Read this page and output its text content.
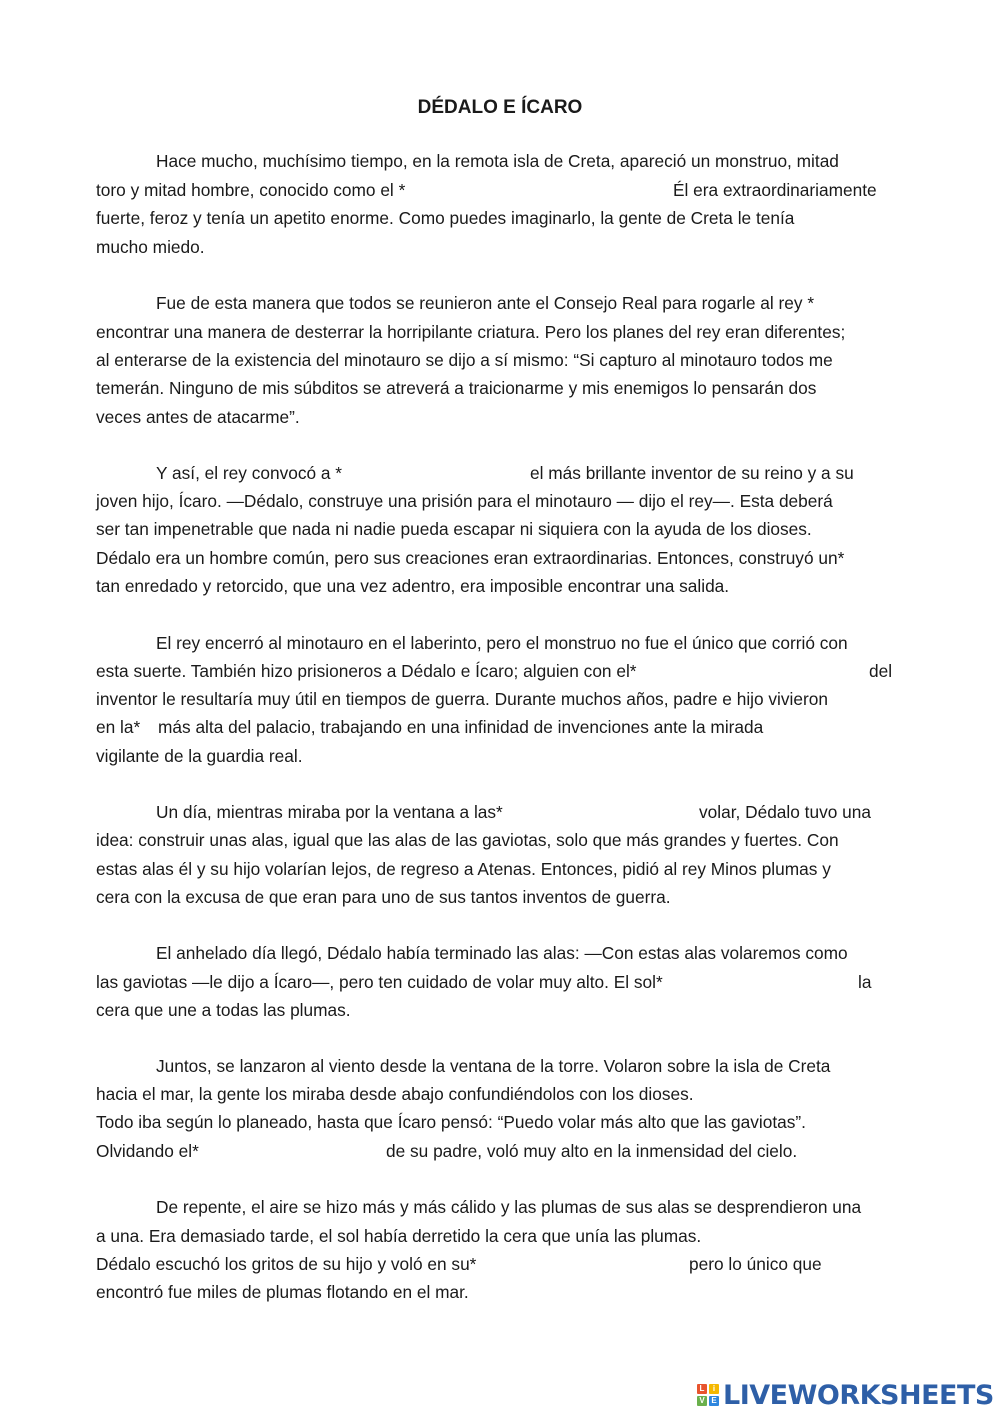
DÉDALO E ÍCARO
Hace mucho, muchísimo tiempo, en la remota isla de Creta, apareció un monstruo, mitad
toro y mitad hombre, conocido como el *	Él era extraordinariamente
fuerte, feroz y tenía un apetito enorme. Como puedes imaginarlo, la gente de Creta le tenía
mucho miedo.
Fue de esta manera que todos se reunieron ante el Consejo Real para rogarle al rey *
encontrar una manera de desterrar la horripilante criatura. Pero los planes del rey eran diferentes;
al enterarse de la existencia del minotauro se dijo a sí mismo: “Si capturo al minotauro todos me
temerán. Ninguno de mis súbditos se atreverá a traicionarme y mis enemigos lo pensarán dos
veces antes de atacarme”.
Y así, el rey convocó a *	el más brillante inventor de su reino y a su
joven hijo, Ícaro. —Dédalo, construye una prisión para el minotauro — dijo el rey—. Esta deberá
ser tan impenetrable que nada ni nadie pueda escapar ni siquiera con la ayuda de los dioses.
Dédalo era un hombre común, pero sus creaciones eran extraordinarias. Entonces, construyó un*
tan enredado y retorcido, que una vez adentro, era imposible encontrar una salida.
El rey encerró al minotauro en el laberinto, pero el monstruo no fue el único que corrió con
esta suerte. También hizo prisioneros a Dédalo e Ícaro; alguien con el*	del
inventor le resultaría muy útil en tiempos de guerra. Durante muchos años, padre e hijo vivieron
en la* más alta del palacio, trabajando en una infinidad de invenciones ante la mirada
vigilante de la guardia real.
Un día, mientras miraba por la ventana a las*	volar, Dédalo tuvo una
idea: construir unas alas, igual que las alas de las gaviotas, solo que más grandes y fuertes. Con
estas alas él y su hijo volarían lejos, de regreso a Atenas. Entonces, pidió al rey Minos plumas y
cera con la excusa de que eran para uno de sus tantos inventos de guerra.
El anhelado día llegó, Dédalo había terminado las alas: —Con estas alas volaremos como
las gaviotas —le dijo a Ícaro—, pero ten cuidado de volar muy alto. El sol*	la
cera que une a todas las plumas.
Juntos, se lanzaron al viento desde la ventana de la torre. Volaron sobre la isla de Creta
hacia el mar, la gente los miraba desde abajo confundiéndolos con los dioses.
Todo iba según lo planeado, hasta que Ícaro pensó: “Puedo volar más alto que las gaviotas”.
Olvidando el*	de su padre, voló muy alto en la inmensidad del cielo.
De repente, el aire se hizo más y más cálido y las plumas de sus alas se desprendieron una
a una. Era demasiado tarde, el sol había derretido la cera que unía las plumas.
Dédalo escuchó los gritos de su hijo y voló en su*	pero lo único que
encontró fue miles de plumas flotando en el mar.
L	i
V E LIVEWORKSHEETS
